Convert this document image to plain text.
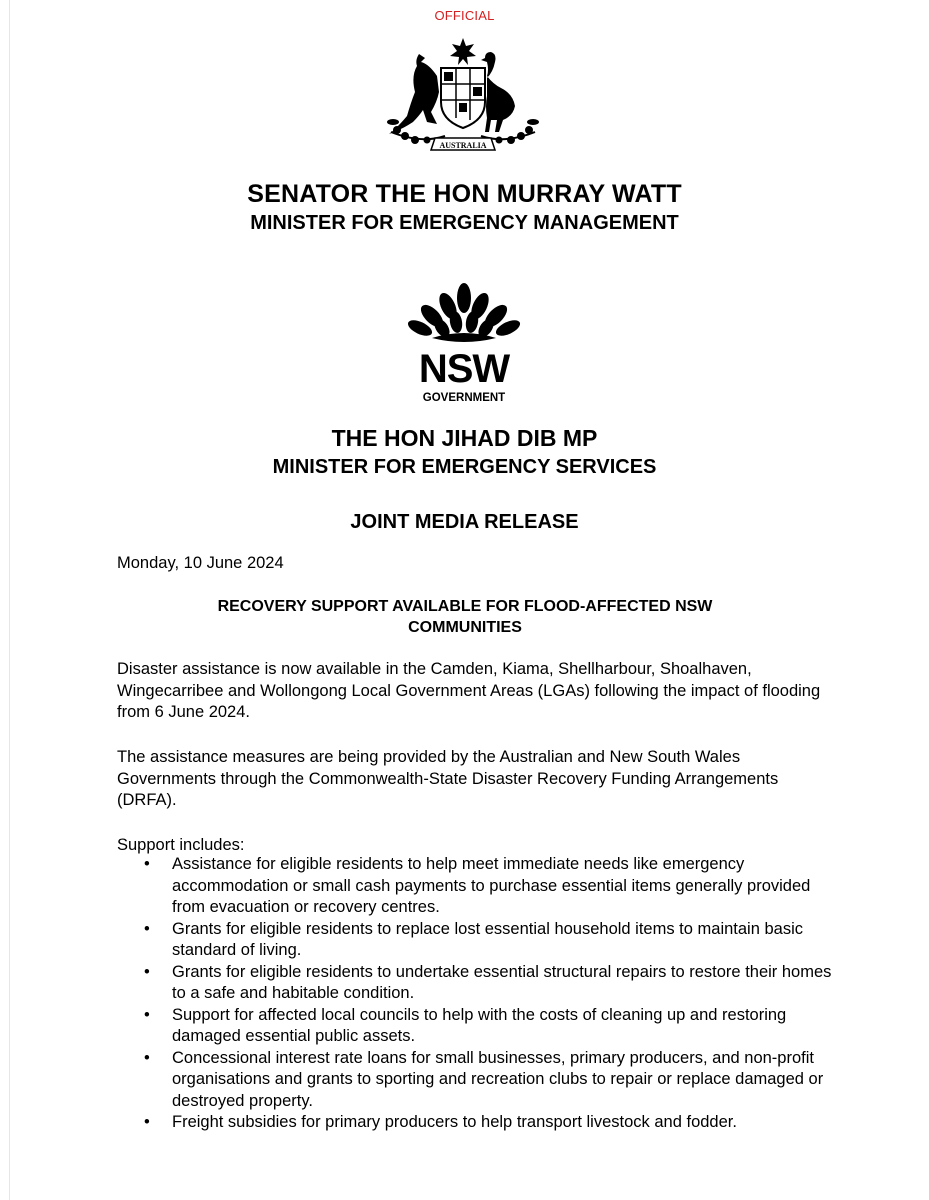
OFFICIAL
AUSTRALIA
SENATOR THE HON MURRAY WATT
MINISTER FOR EMERGENCY MANAGEMENT
NSW
GOVERNMENT
THE HON JIHAD DIB MP
MINISTER FOR EMERGENCY SERVICES
JOINT MEDIA RELEASE
Monday, 10 June 2024
RECOVERY SUPPORT AVAILABLE FOR FLOOD-AFFECTED NSW COMMUNITIES

Disaster assistance is now available in the Camden, Kiama, Shellharbour, Shoalhaven, Wingecarribee and Wollongong Local Government Areas (LGAs) following the impact of flooding from 6 June 2024.

The assistance measures are being provided by the Australian and New South Wales Governments through the Commonwealth-State Disaster Recovery Funding Arrangements (DRFA).

Support includes:
• Assistance for eligible residents to help meet immediate needs like emergency accommodation or small cash payments to purchase essential items generally provided from evacuation or recovery centres.
• Grants for eligible residents to replace lost essential household items to maintain basic standard of living.
• Grants for eligible residents to undertake essential structural repairs to restore their homes to a safe and habitable condition.
• Support for affected local councils to help with the costs of cleaning up and restoring damaged essential public assets.
• Concessional interest rate loans for small businesses, primary producers, and non-profit organisations and grants to sporting and recreation clubs to repair or replace damaged or destroyed property.
• Freight subsidies for primary producers to help transport livestock and fodder.
